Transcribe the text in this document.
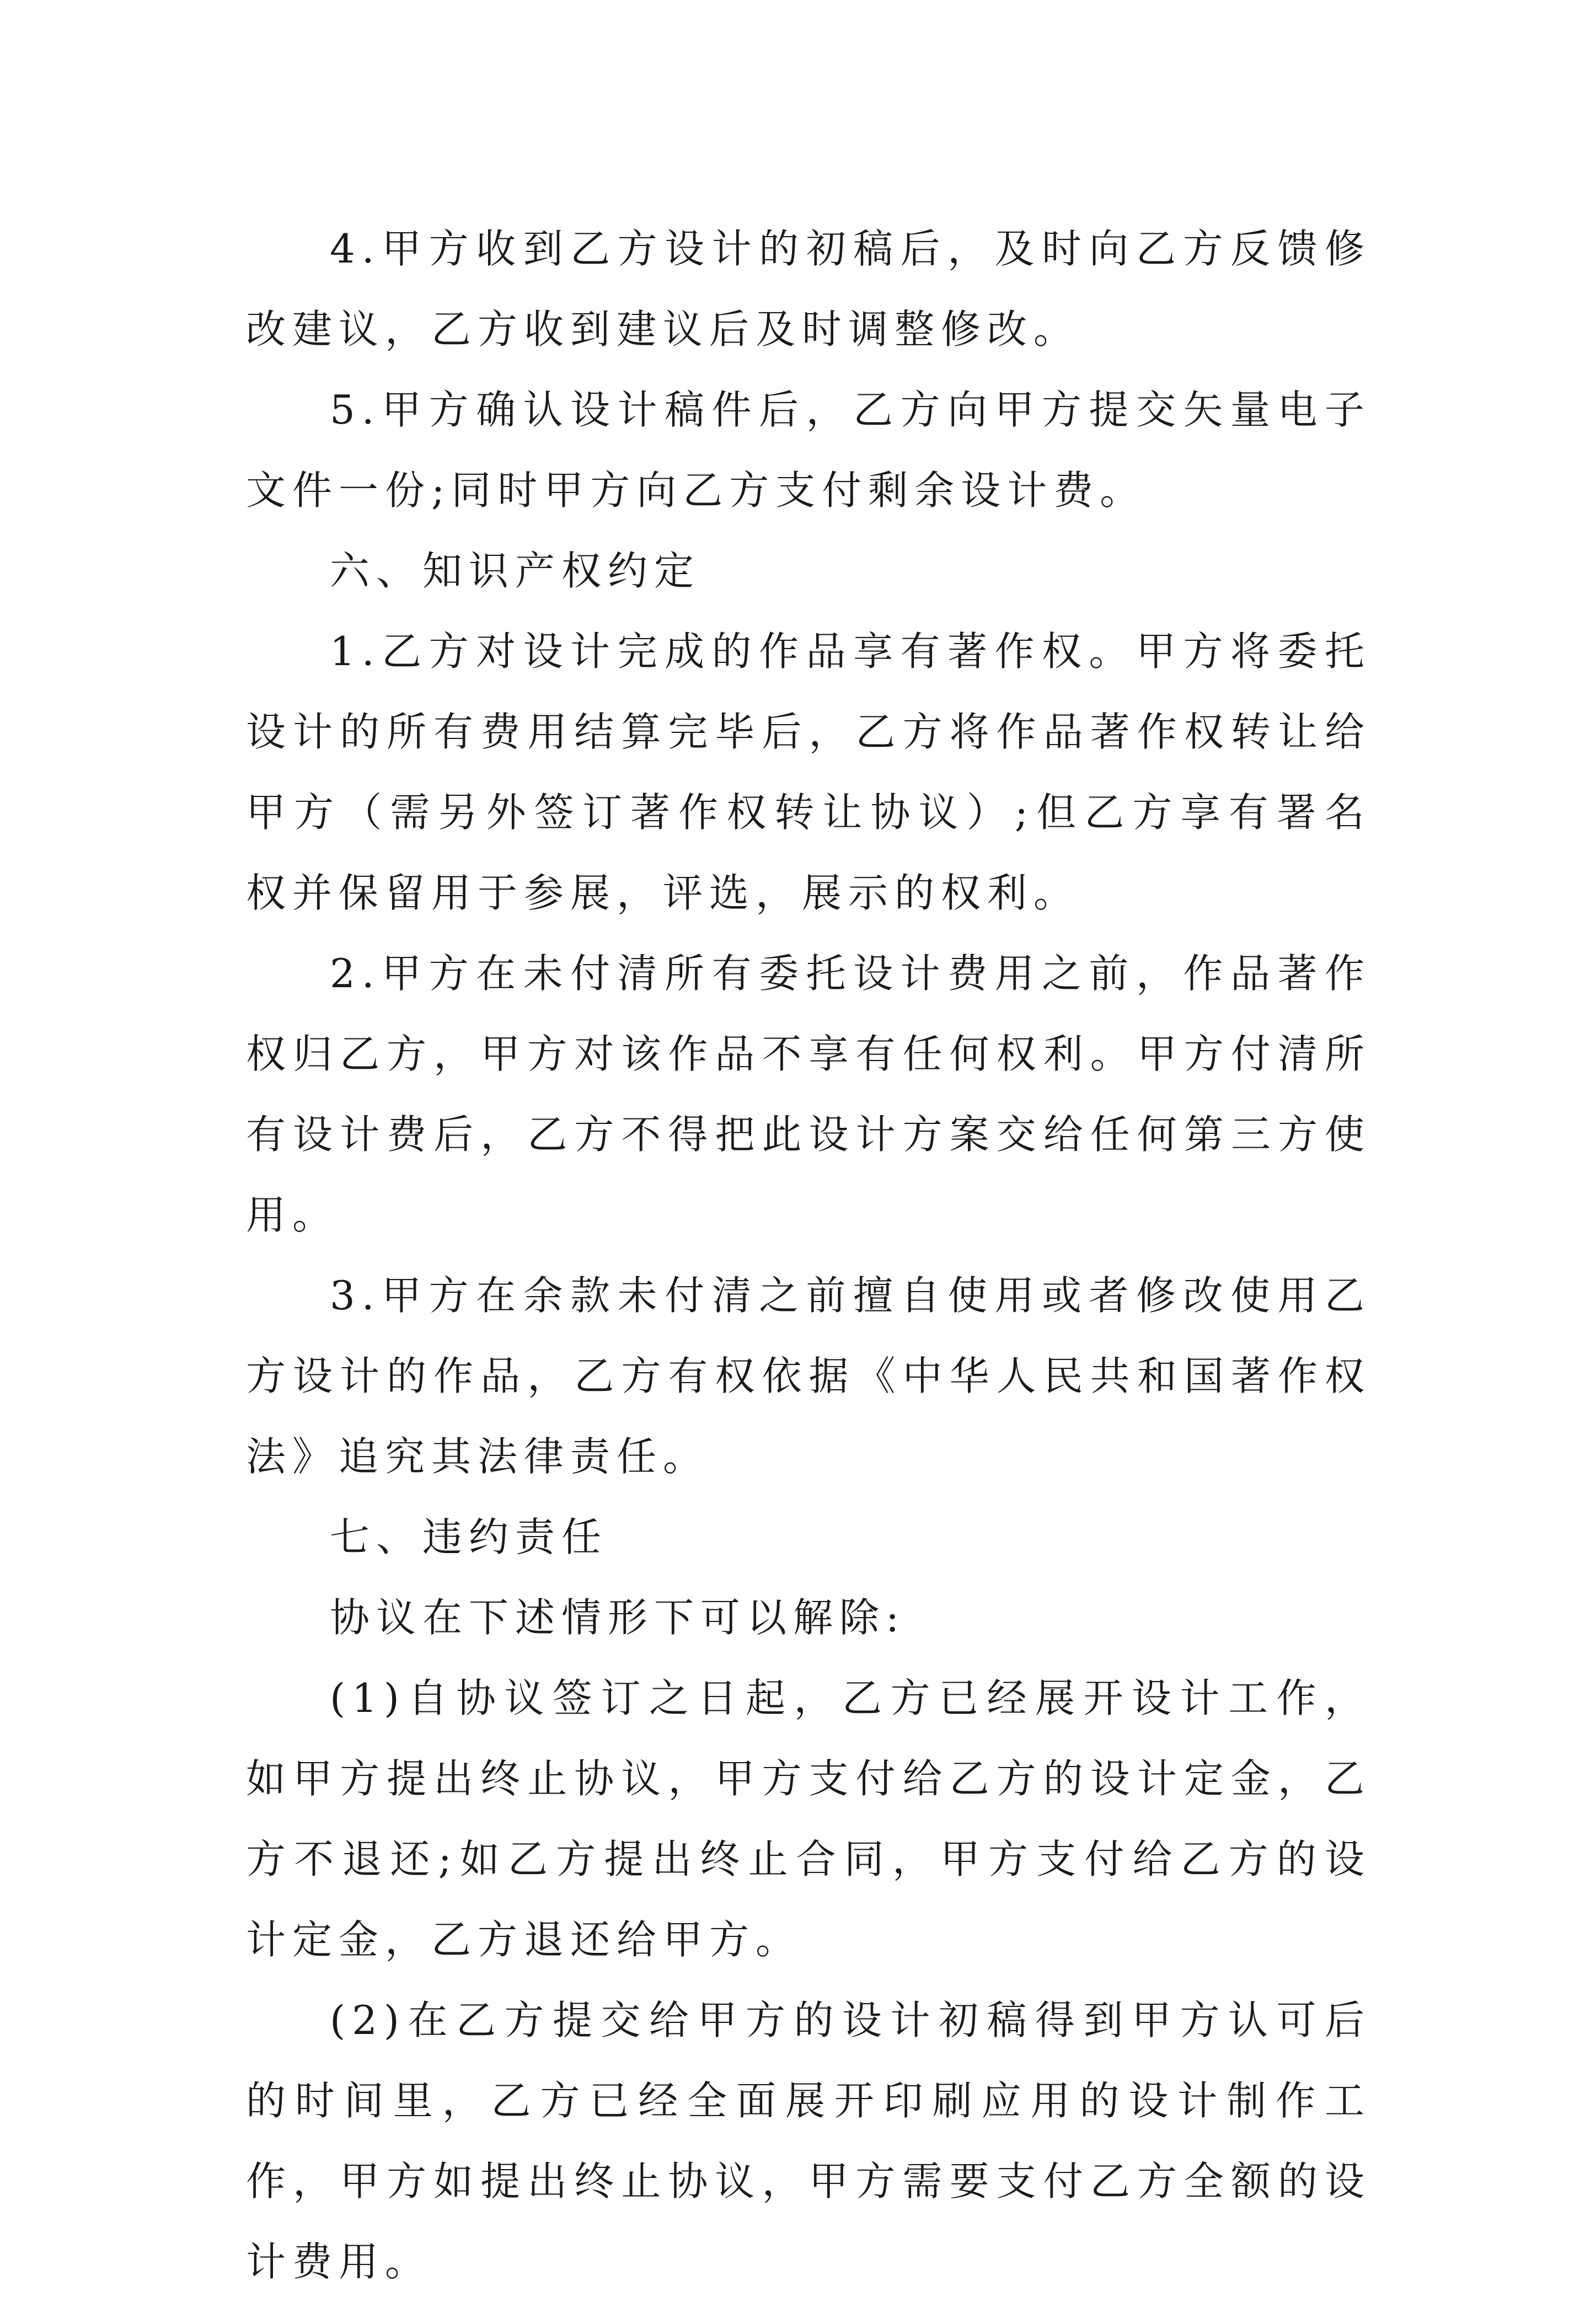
4.甲方收到乙方设计的初稿后，及时向乙方反馈修改建议，乙方收到建议后及时调整修改。

5.甲方确认设计稿件后，乙方向甲方提交矢量电子文件一份;同时甲方向乙方支付剩余设计费。

六、知识产权约定

1.乙方对设计完成的作品享有著作权。甲方将委托设计的所有费用结算完毕后，乙方将作品著作权转让给甲方（需另外签订著作权转让协议）;但乙方享有署名权并保留用于参展，评选，展示的权利。

2.甲方在未付清所有委托设计费用之前，作品著作权归乙方，甲方对该作品不享有任何权利。甲方付清所有设计费后，乙方不得把此设计方案交给任何第三方使用。

3.甲方在余款未付清之前擅自使用或者修改使用乙方设计的作品，乙方有权依据《中华人民共和国著作权法》追究其法律责任。

七、违约责任

协议在下述情形下可以解除:

(1)自协议签订之日起，乙方已经展开设计工作，如甲方提出终止协议，甲方支付给乙方的设计定金，乙方不退还;如乙方提出终止合同，甲方支付给乙方的设计定金，乙方退还给甲方。

(2)在乙方提交给甲方的设计初稿得到甲方认可后的时间里，乙方已经全面展开印刷应用的设计制作工作，甲方如提出终止协议，甲方需要支付乙方全额的设计费用。
